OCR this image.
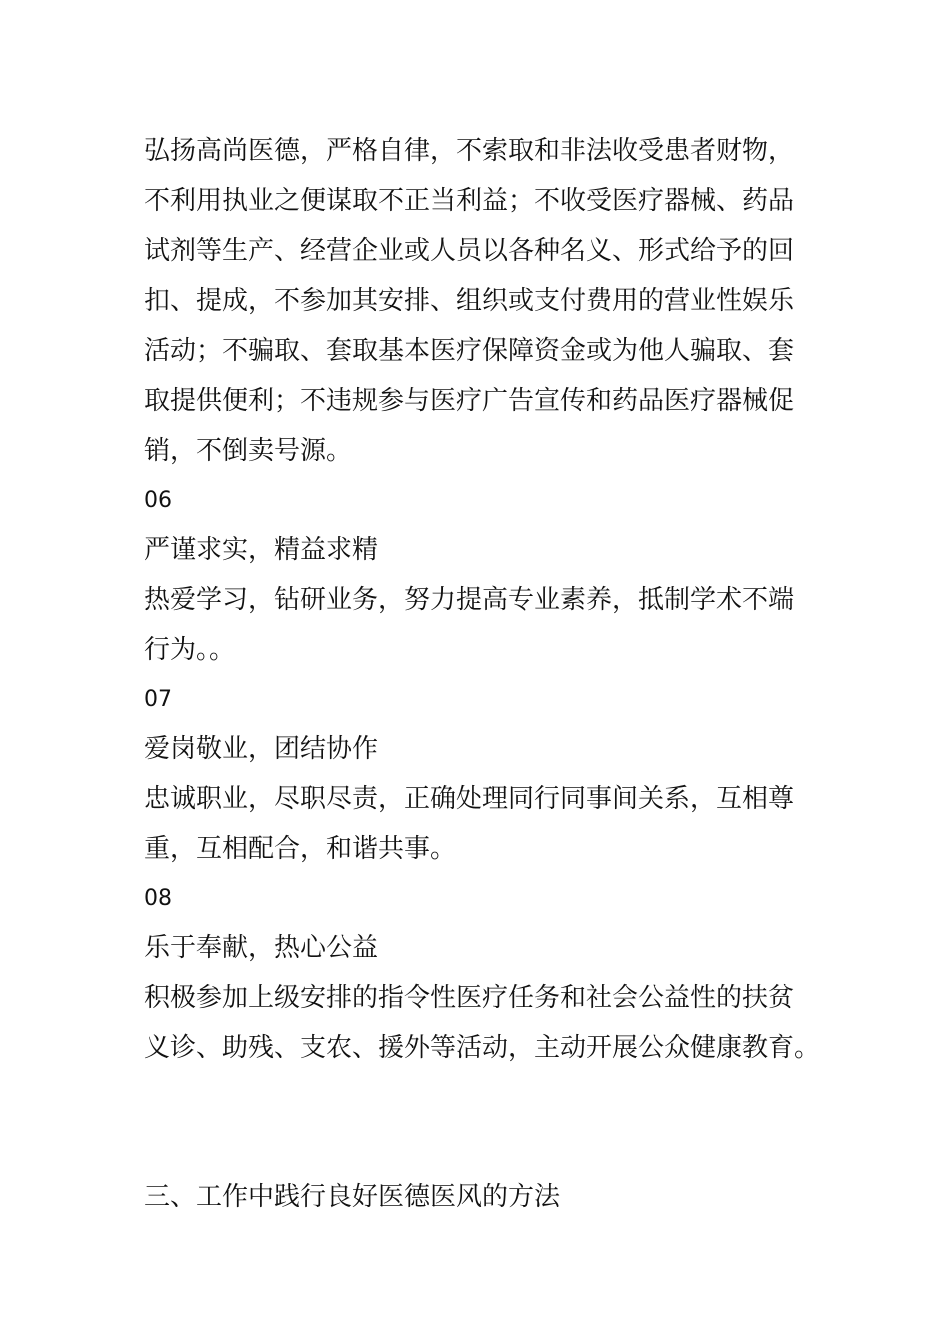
弘扬高尚医德，严格自律，不索取和非法收受患者财物，
不利用执业之便谋取不正当利益；不收受医疗器械、药品
试剂等生产、经营企业或人员以各种名义、形式给予的回
扣、提成，不参加其安排、组织或支付费用的营业性娱乐
活动；不骗取、套取基本医疗保障资金或为他人骗取、套
取提供便利；不违规参与医疗广告宣传和药品医疗器械促
销，不倒卖号源。
06
严谨求实，精益求精
热爱学习，钻研业务，努力提高专业素养，抵制学术不端
行为。。
07
爱岗敬业，团结协作
忠诚职业，尽职尽责，正确处理同行同事间关系，互相尊
重，互相配合，和谐共事。
08
乐于奉献，热心公益
积极参加上级安排的指令性医疗任务和社会公益性的扶贫
义诊、助残、支农、援外等活动，主动开展公众健康教育。
三、工作中践行良好医德医风的方法
